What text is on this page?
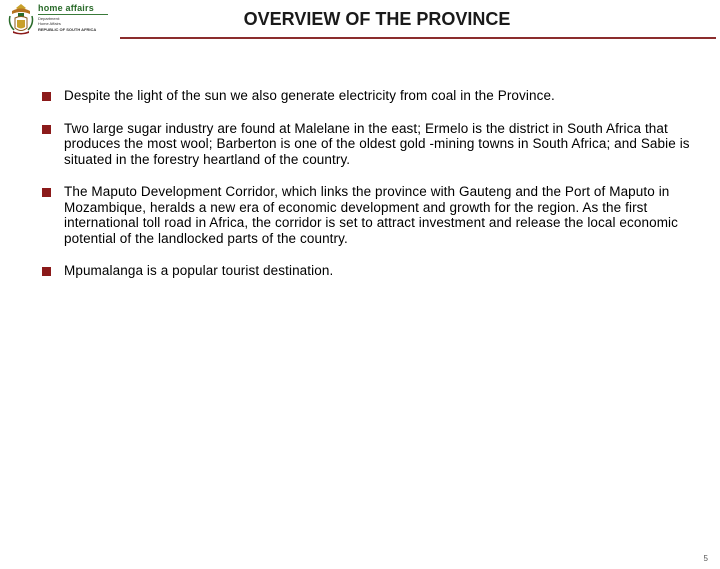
home affairs
Department:
Home Affairs
REPUBLIC OF SOUTH AFRICA
OVERVIEW OF THE PROVINCE
Despite the light of the sun we also generate electricity from coal in the Province.
Two large sugar industry are found at Malelane in the east; Ermelo is the district in South Africa that produces the most wool; Barberton is one of the oldest gold -mining towns in South Africa; and Sabie is situated in the forestry heartland of the country.
The Maputo Development Corridor, which links the province with Gauteng and the Port of Maputo in Mozambique, heralds a new era of economic development and growth for the region. As the first international toll road in Africa, the corridor is set to attract investment and release the local economic potential of the landlocked parts of the country.
Mpumalanga is a popular tourist destination.
5
